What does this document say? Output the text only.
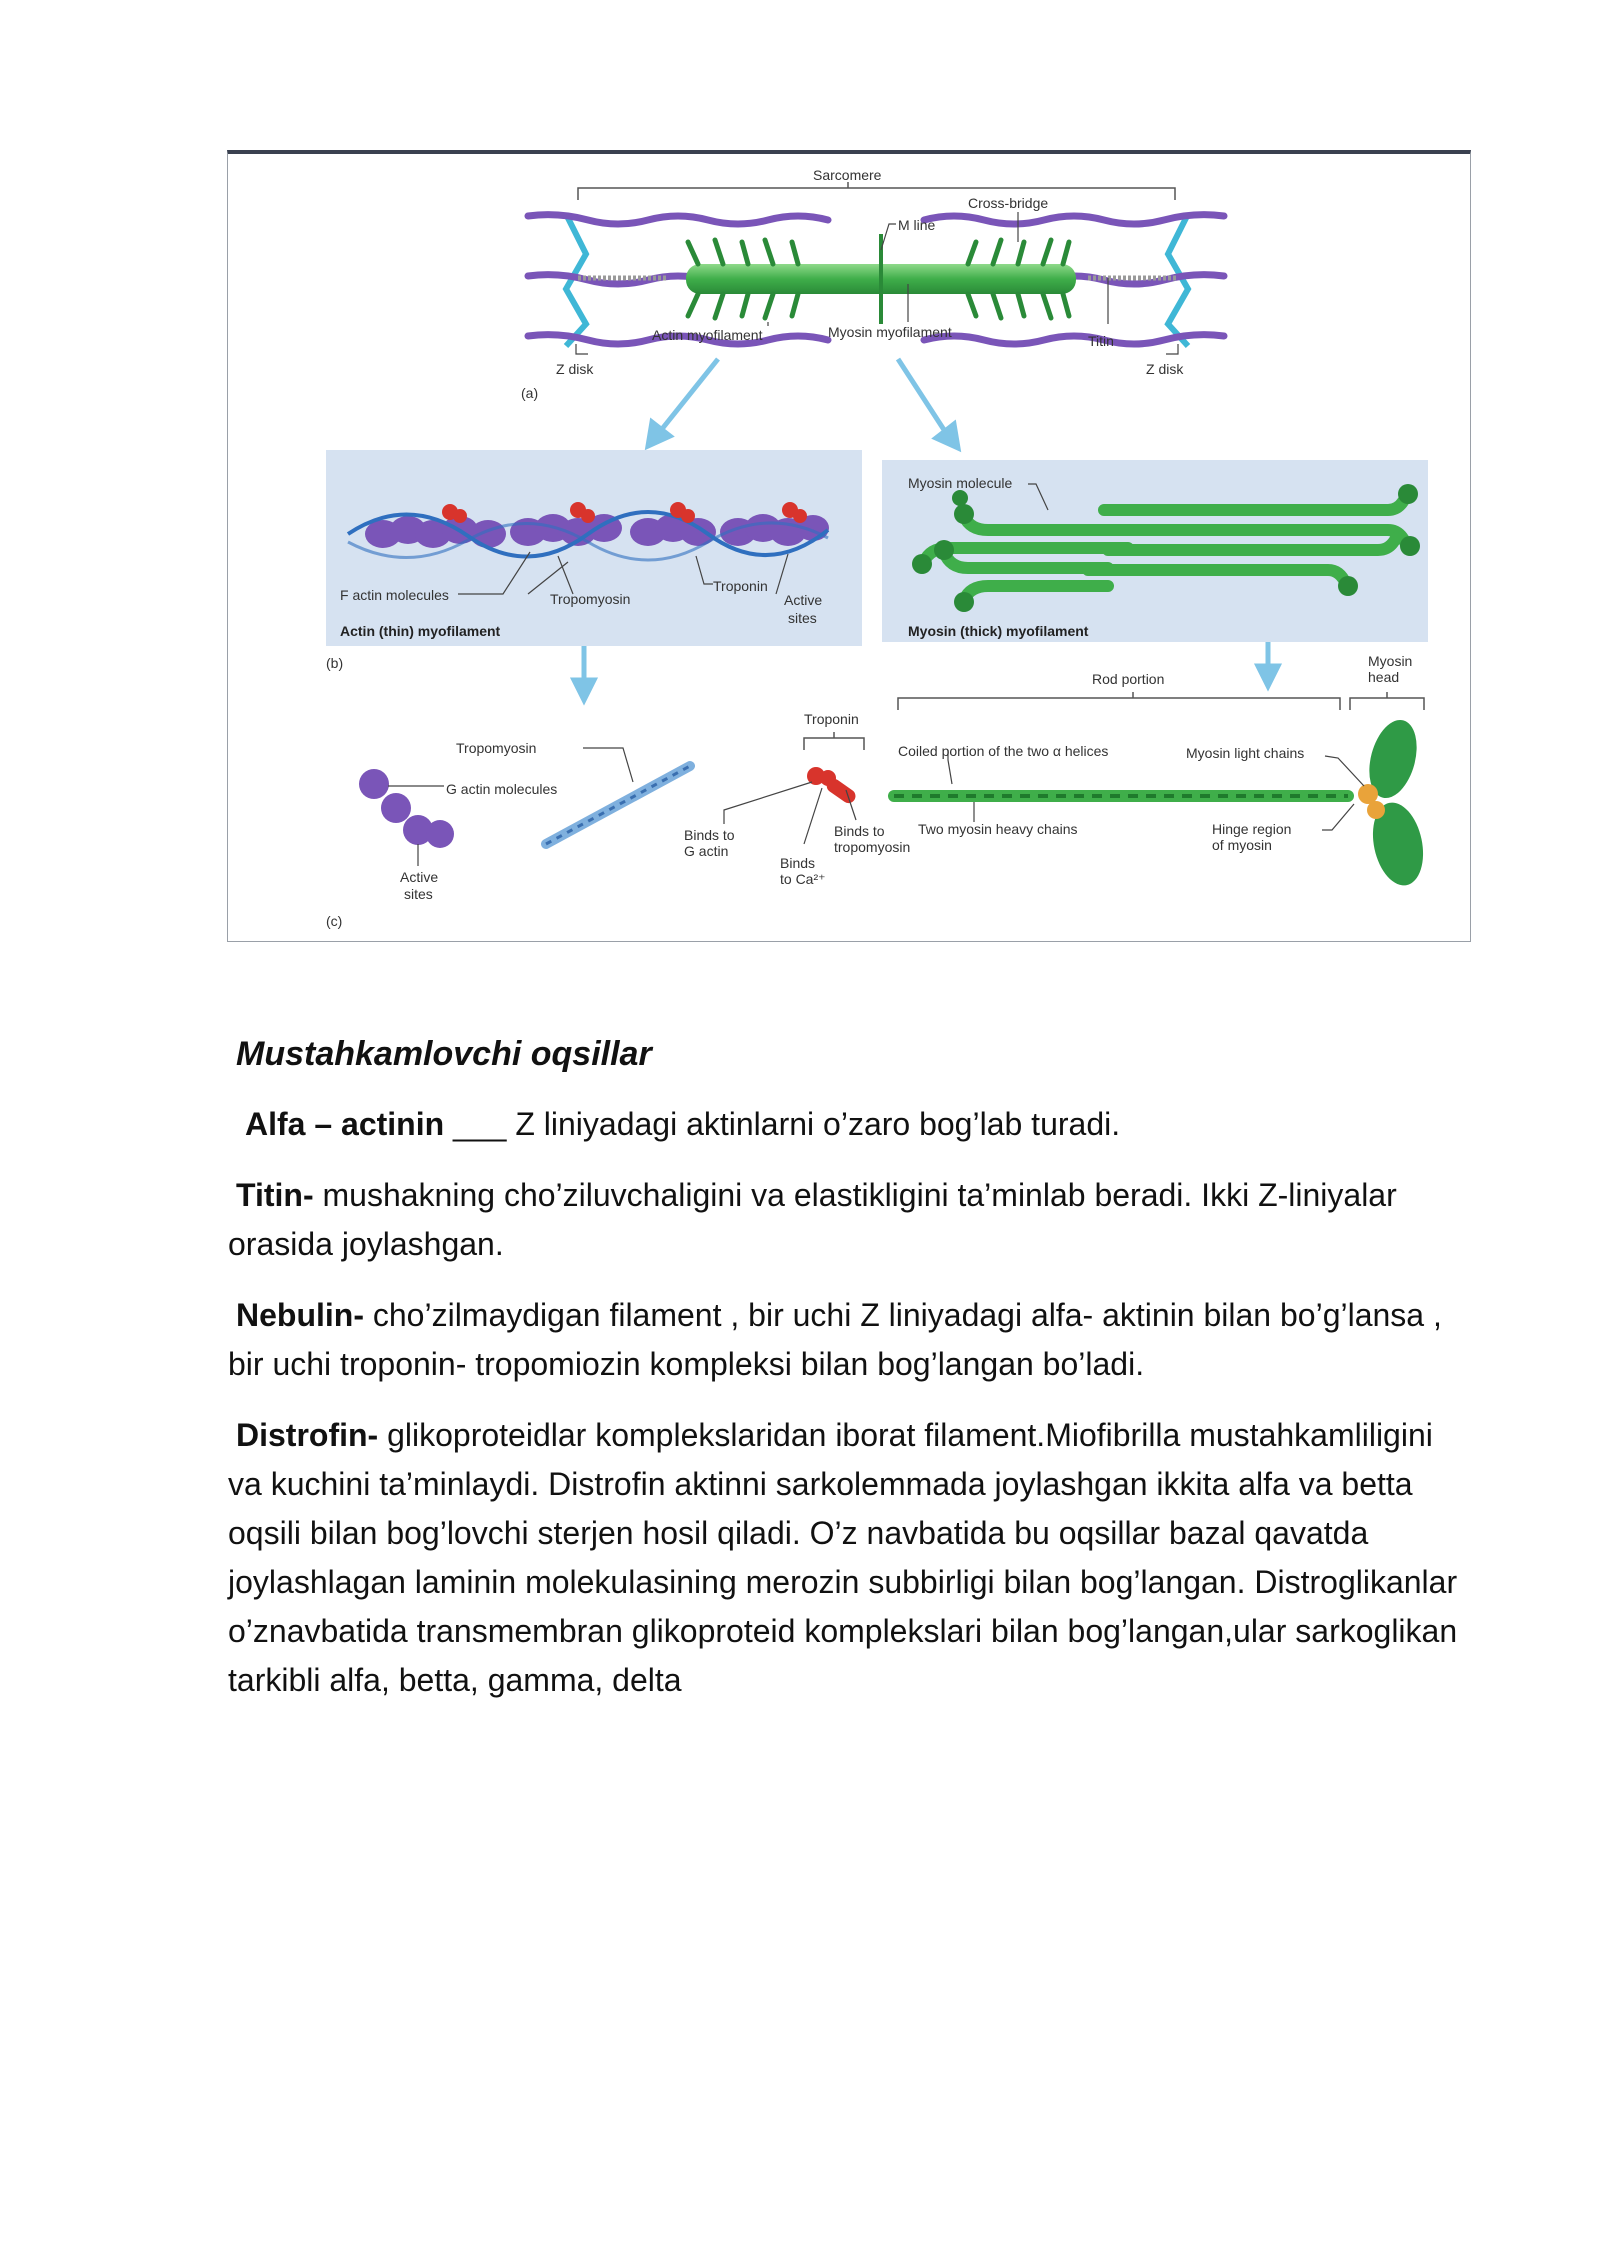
Sarcomere
Cross-bridge
M line
Actin myofilament	Myosin myofilament
Titin
Z disk	Z disk
(a)
F actin molecules	Tropomyosin
Troponin
Active
sites
Actin (thin) myofilament
(b)
Myosin molecule
Myosin (thick) myofilament
Rod portion
Myosin
head
Troponin
G actin molecules
Active
sites
Tropomyosin
Binds to
G actin
Binds to
tropomyosin
Binds
to Ca²⁺
Coiled portion of the two α helices	Myosin light chains
Two myosin heavy chains	Hinge region
of myosin
(c)
Mustahkamlovchi oqsillar

Alfa – actinin ___ Z liniyadagi aktinlarni o’zaro bog’lab turadi.

Titin- mushakning cho’ziluvchaligini va elastikligini ta’minlab beradi. Ikki Z-liniyalar orasida joylashgan.

Nebulin- cho’zilmaydigan filament , bir uchi Z liniyadagi alfa- aktinin bilan bo’g’lansa , bir uchi troponin- tropomiozin kompleksi bilan bog’langan bo’ladi.

Distrofin- glikoproteidlar komplekslaridan iborat filament.Miofibrilla mustahkamliligini va kuchini ta’minlaydi. Distrofin aktinni sarkolemmada joylashgan ikkita alfa va betta oqsili bilan bog’lovchi sterjen hosil qiladi. O’z navbatida bu oqsillar bazal qavatda joylashlagan laminin molekulasining merozin subbirligi bilan bog’langan. Distroglikanlar o’znavbatida transmembran glikoproteid komplekslari bilan bog’langan,ular sarkoglikan tarkibli alfa, betta, gamma, delta
